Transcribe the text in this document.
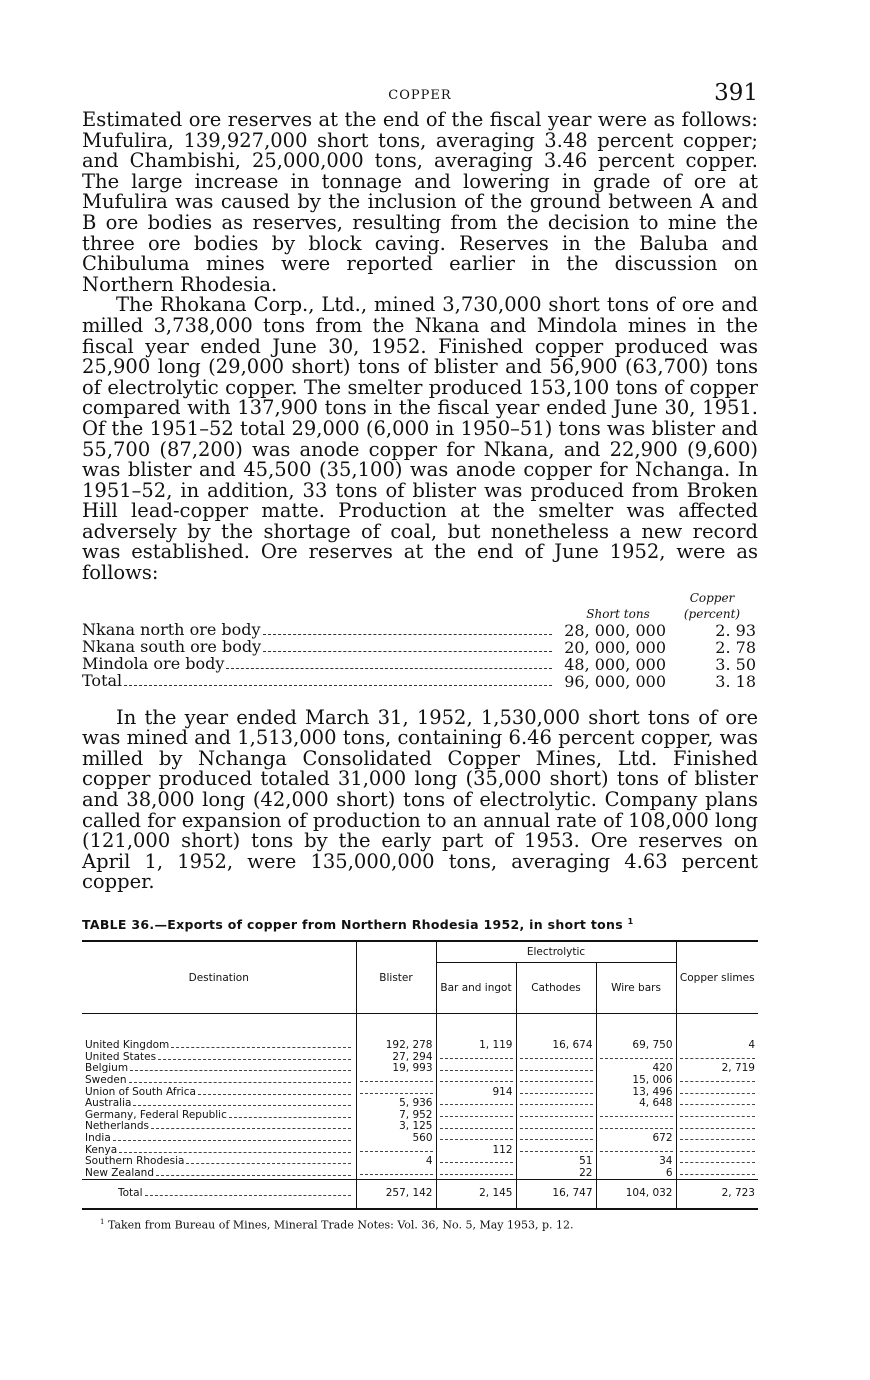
COPPER	391

Estimated ore reserves at the end of the fiscal year were as follows: Mufulira, 139,927,000 short tons, averaging 3.48 percent copper; and Chambishi, 25,000,000 tons, averaging 3.46 percent copper. The large increase in tonnage and lowering in grade of ore at Mufulira was caused by the inclusion of the ground between A and B ore bodies as reserves, resulting from the decision to mine the three ore bodies by block caving. Reserves in the Baluba and Chibuluma mines were reported earlier in the discussion on Northern Rhodesia.

The Rhokana Corp., Ltd., mined 3,730,000 short tons of ore and milled 3,738,000 tons from the Nkana and Mindola mines in the fiscal year ended June 30, 1952. Finished copper produced was 25,900 long (29,000 short) tons of blister and 56,900 (63,700) tons of electrolytic copper. The smelter produced 153,100 tons of copper compared with 137,900 tons in the fiscal year ended June 30, 1951. Of the 1951–52 total 29,000 (6,000 in 1950–51) tons was blister and 55,700 (87,200) was anode copper for Nkana, and 22,900 (9,600) was blister and 45,500 (35,100) was anode copper for Nchanga. In 1951–52, in addition, 33 tons of blister was produced from Broken Hill lead-copper matte. Production at the smelter was affected adversely by the shortage of coal, but nonetheless a new record was established. Ore reserves at the end of June 1952, were as follows:

	Short tons	Copper
(percent)

Nkana north ore body	28, 000, 000	2. 93

Nkana south ore body	20, 000, 000	2. 78

Mindola ore body	48, 000, 000	3. 50

Total	96, 000, 000	3. 18

In the year ended March 31, 1952, 1,530,000 short tons of ore was mined and 1,513,000 tons, containing 6.46 percent copper, was milled by Nchanga Consolidated Copper Mines, Ltd. Finished copper produced totaled 31,000 long (35,000 short) tons of blister and 38,000 long (42,000 short) tons of electrolytic. Company plans called for expansion of production to an annual rate of 108,000 long (121,000 short) tons by the early part of 1953. Ore reserves on April 1, 1952, were 135,000,000 tons, averaging 4.63 percent copper.

TABLE 36.—Exports of copper from Northern Rhodesia 1952, in short tons $^1$
Destination	Blister	Electrolytic			Copper slimes
		Bar and ingot	Cathodes	Wire bars	

United Kingdom	192, 278	1, 119	16, 674	69, 750	4

United States	27, 294	

Belgium	19, 993			420	2, 719

Sweden				15, 006	

Union of South Africa		914		13, 496	

Australia	5, 936			4, 648	

Germany, Federal Republic	7, 952	

Netherlands	3, 125	

India	560			672	

Kenya		112	

Southern Rhodesia	4		51	34	

New Zealand			22	6	

Total	257, 142	2, 145	16, 747	104, 032	2, 723
$^1$ Taken from Bureau of Mines, Mineral Trade Notes: Vol. 36, No. 5, May 1953, p. 12.
